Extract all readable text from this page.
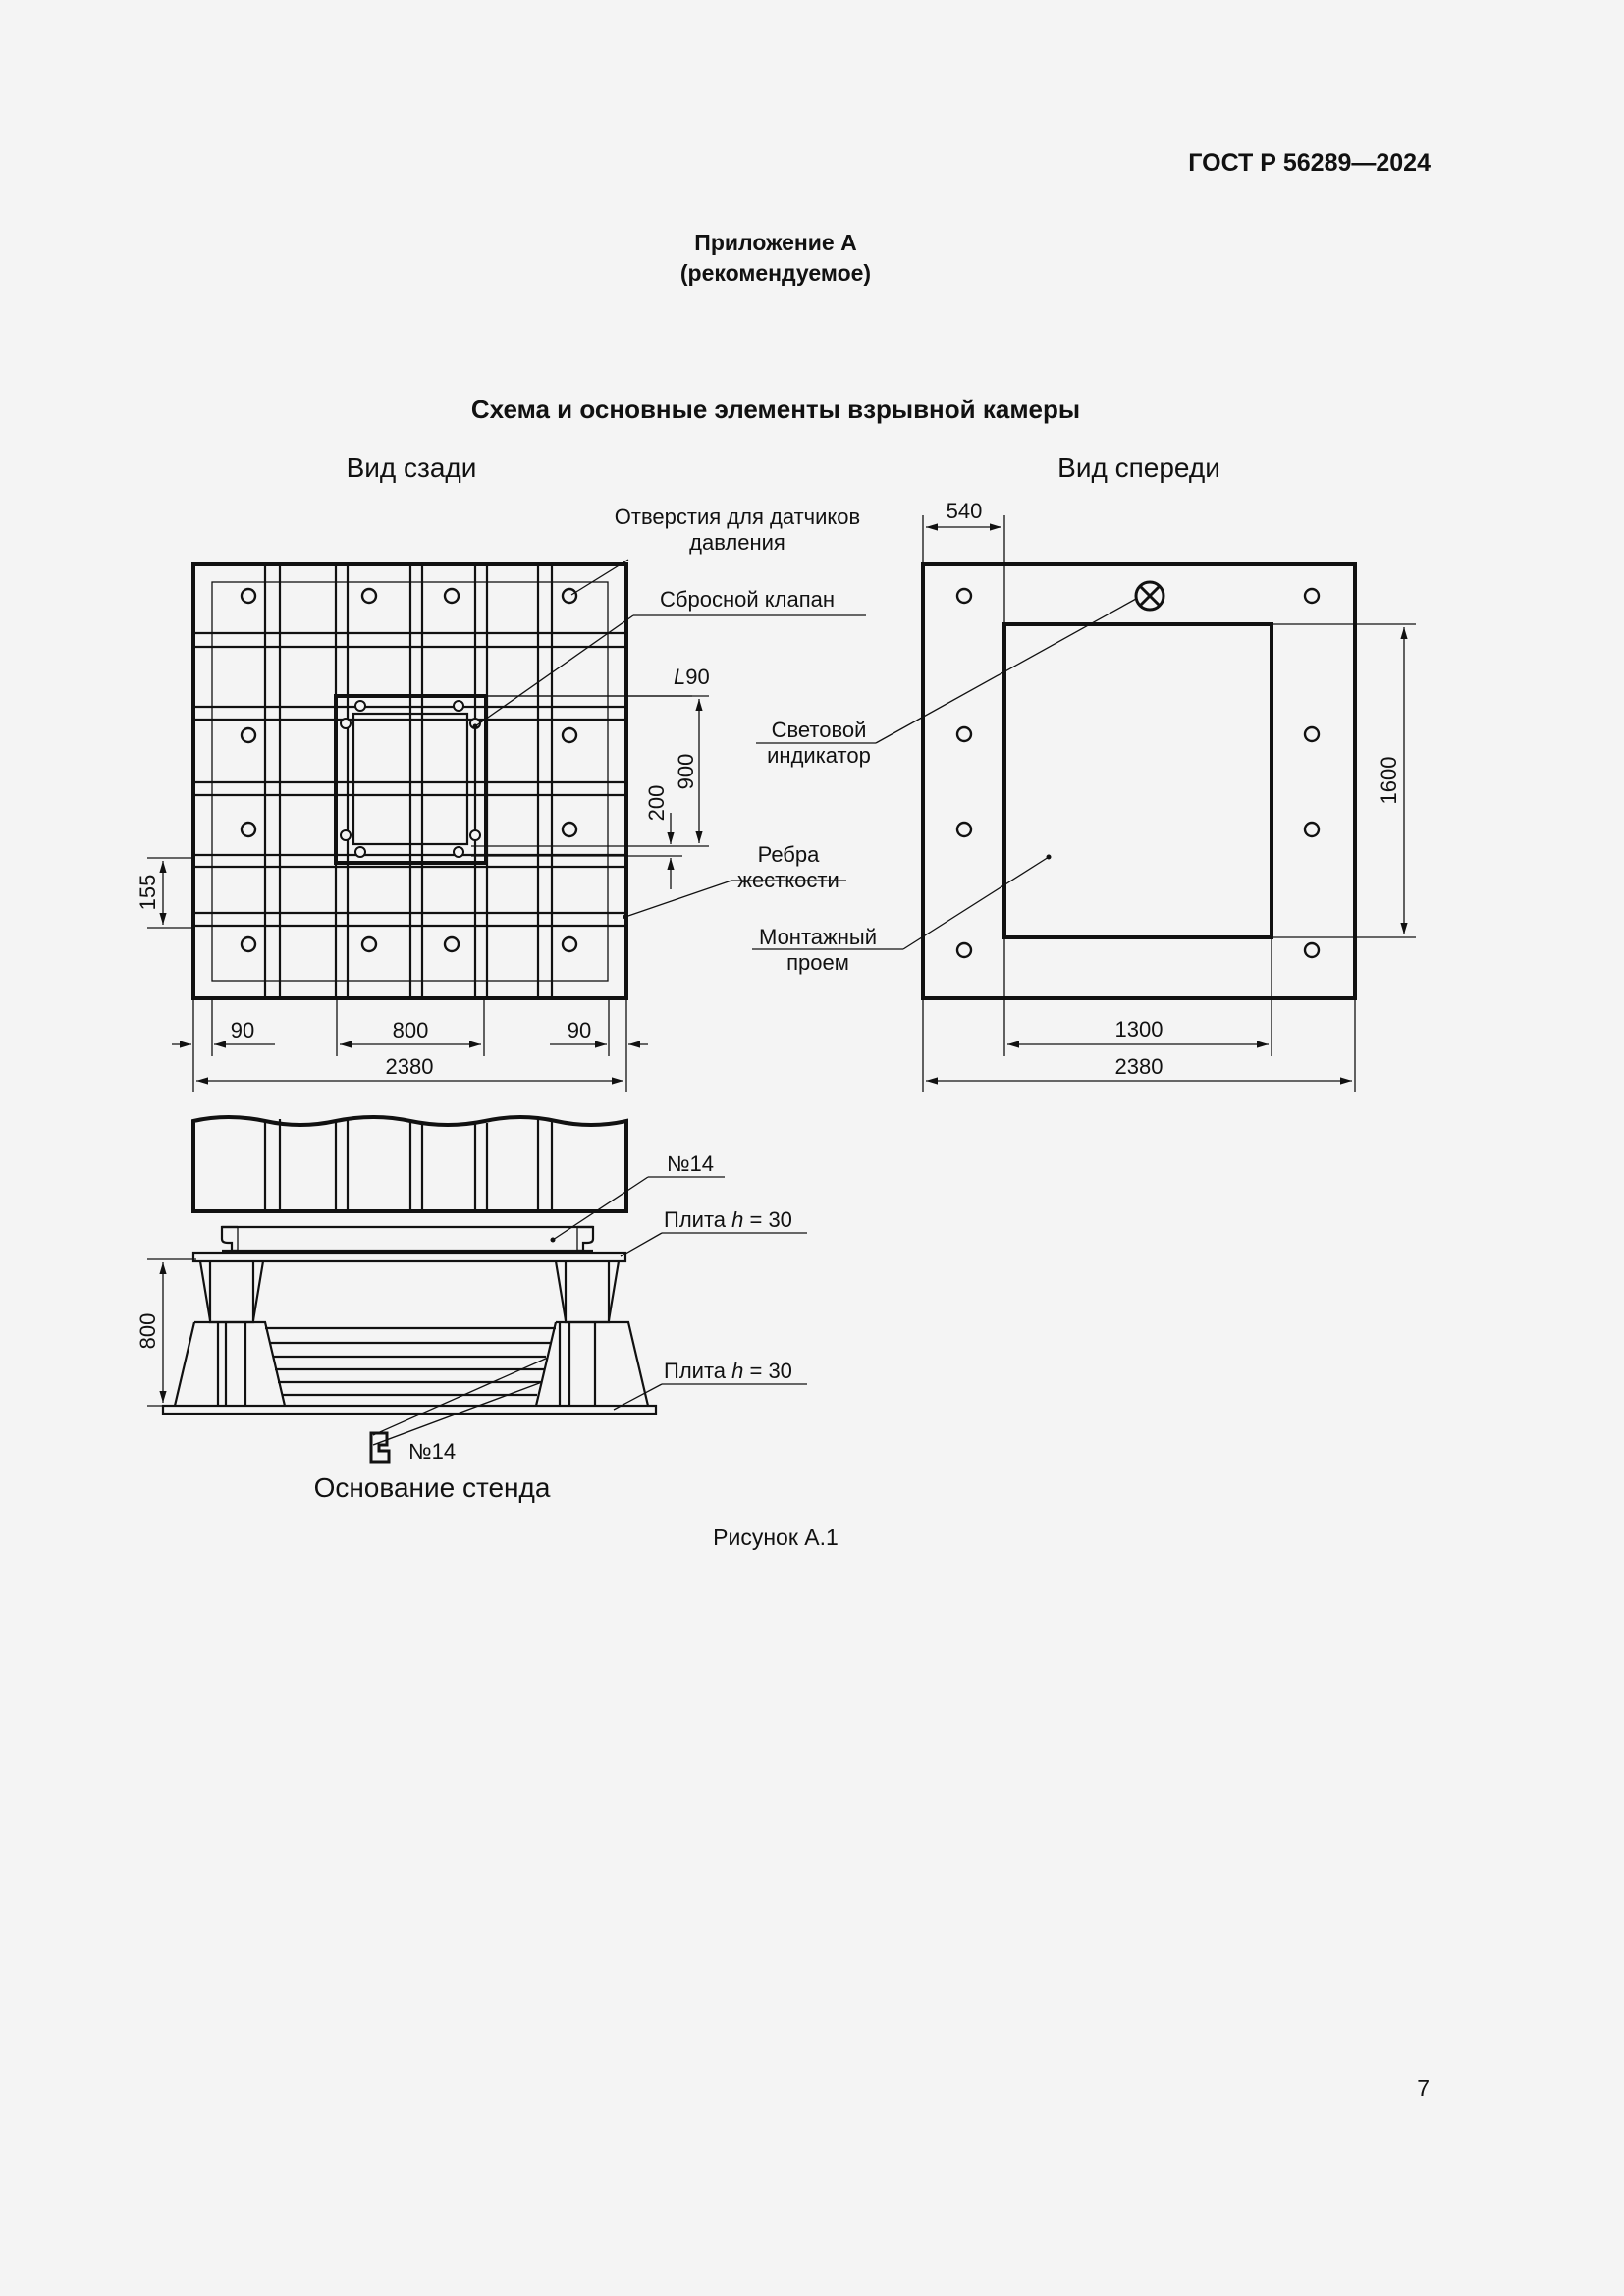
ГОСТ Р 56289—2024
Приложение А
(рекомендуемое)
Схема и основные элементы взрывной камеры
Вид сзади
Отверстия для датчиков
давления
Сбросной клапан
L90
Ребра
жесткости
900
200
155
90	800	90
2380
Вид спереди
Световой
индикатор
Монтажный
проем
540
1600
1300
2380
№14
Плита h = 30
Плита h = 30
№14
800
Основание стенда
Рисунок А.1
7
